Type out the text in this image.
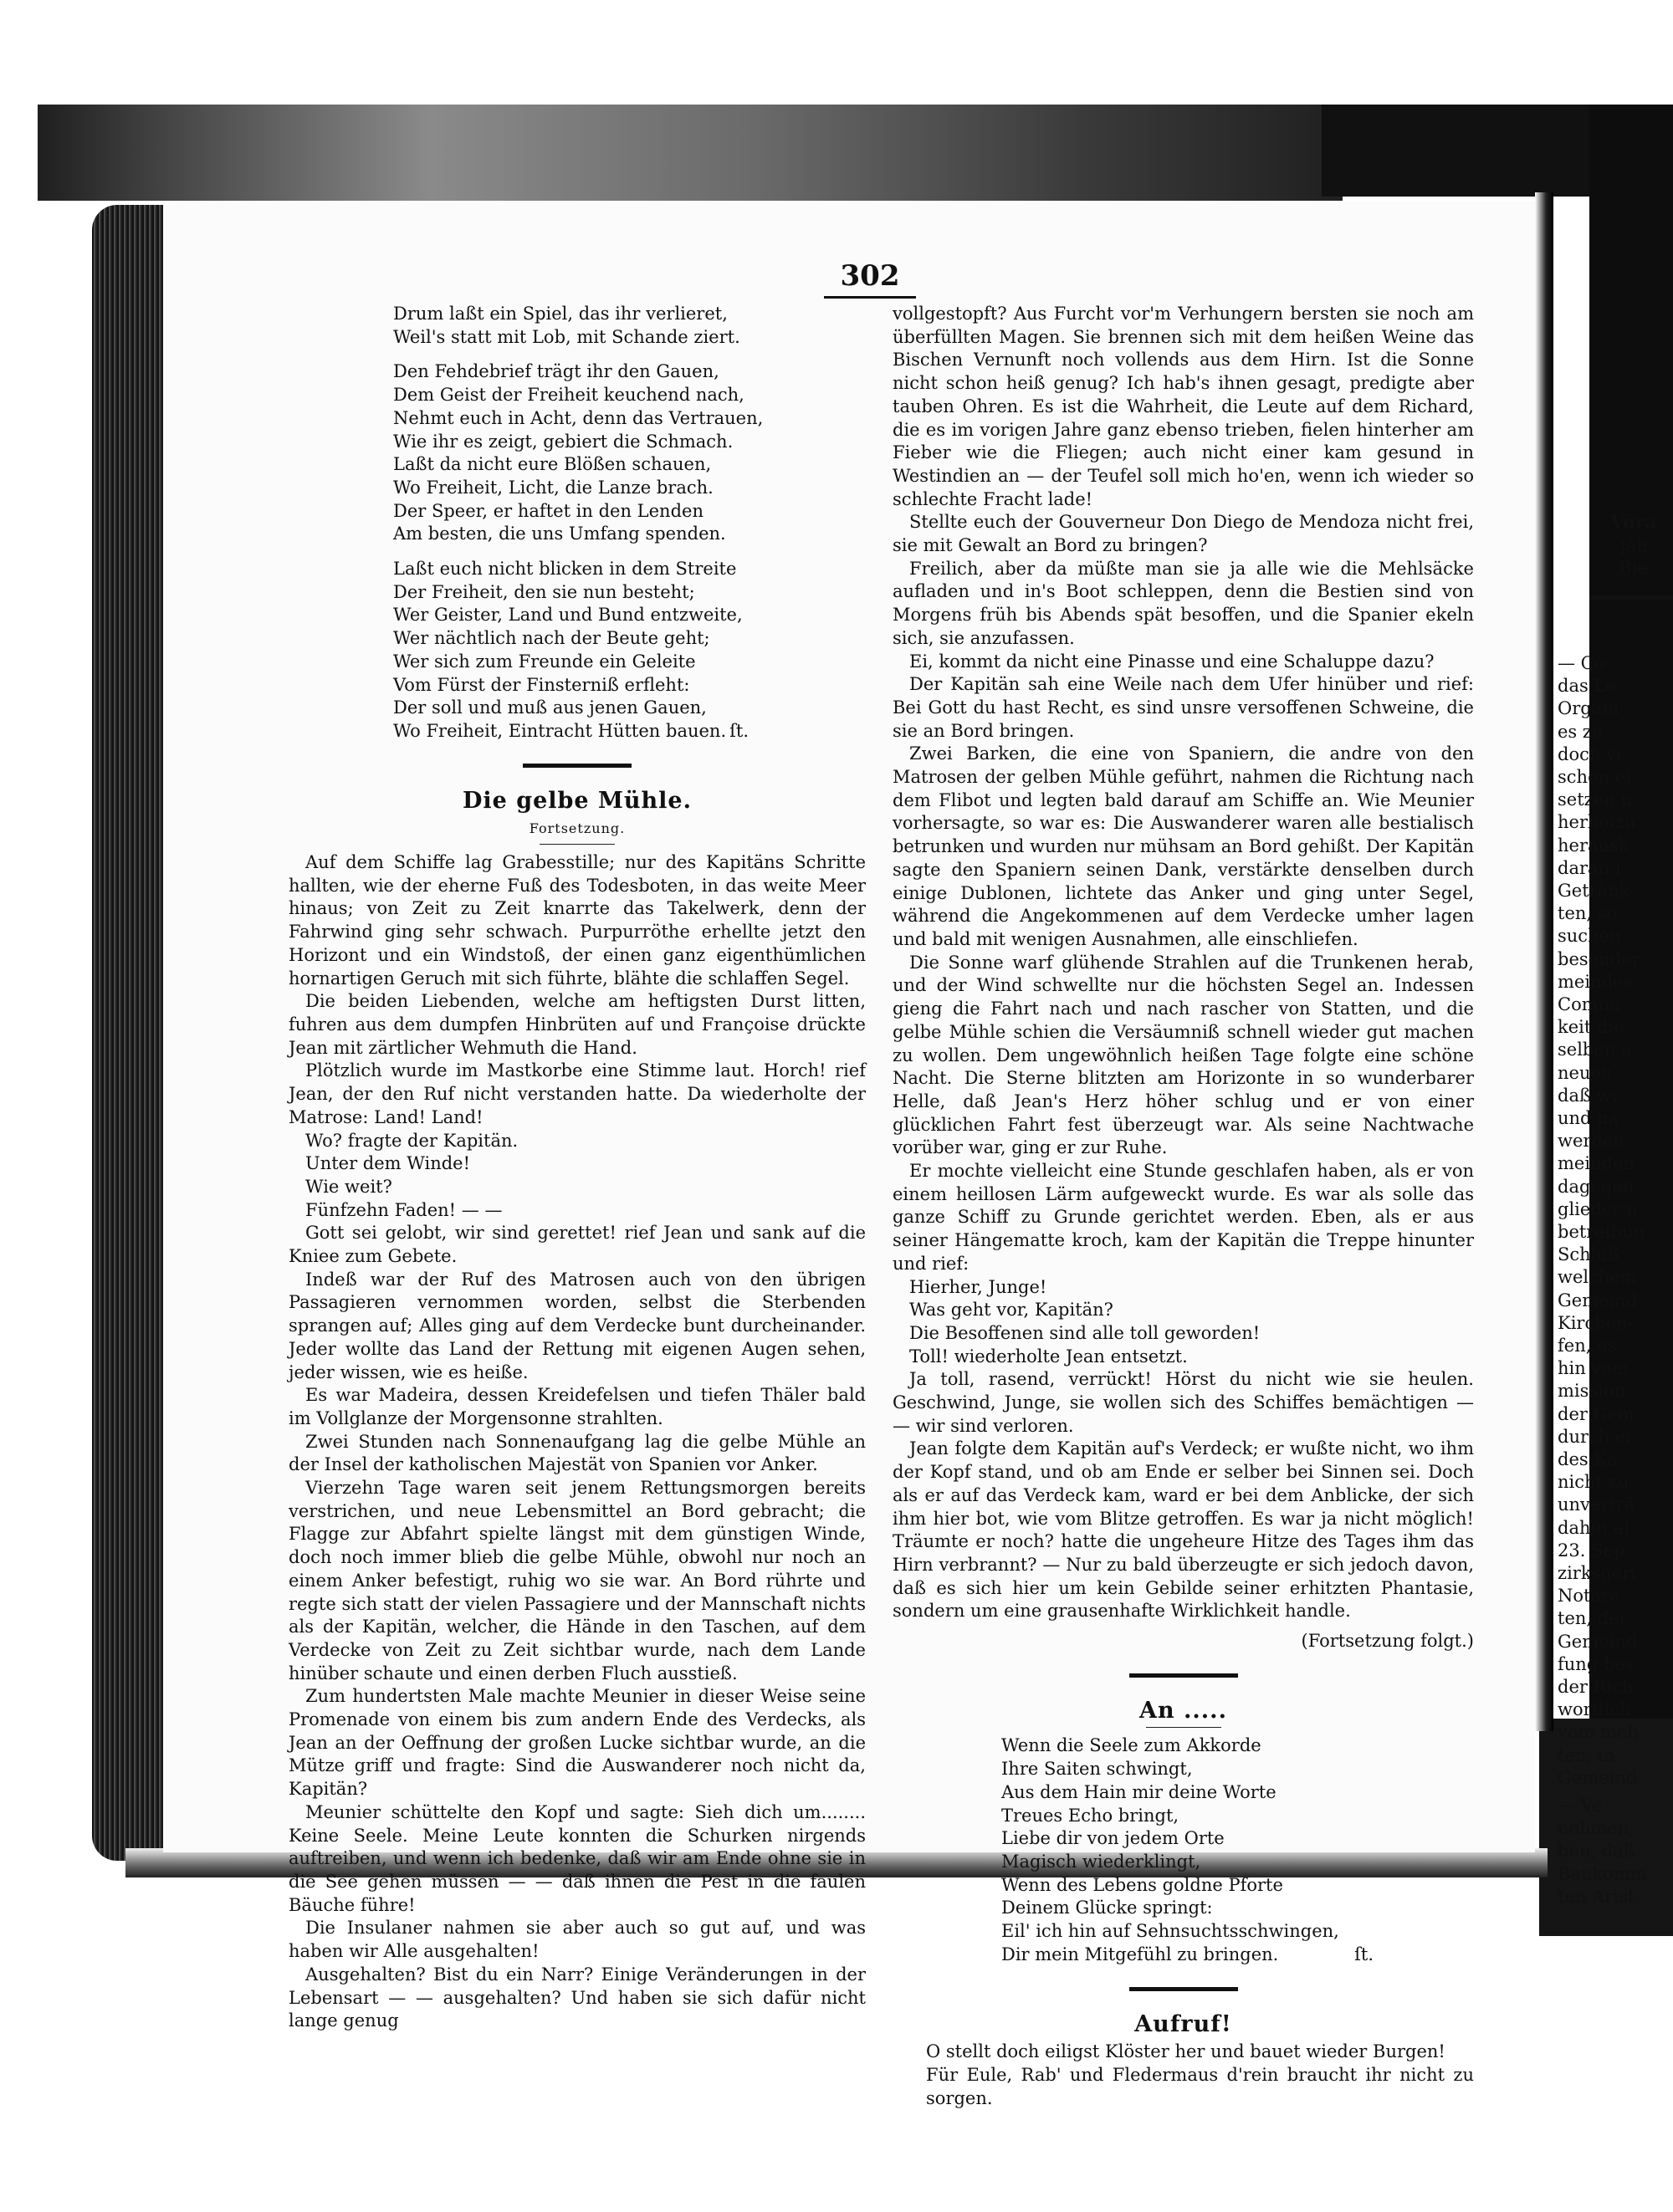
302
Drum laßt ein Spiel, das ihr verlieret,
Weil's statt mit Lob, mit Schande ziert.
Den Fehdebrief trägt ihr den Gauen,
Dem Geist der Freiheit keuchend nach,
Nehmt euch in Acht, denn das Vertrauen,
Wie ihr es zeigt, gebiert die Schmach.
Laßt da nicht eure Blößen schauen,
Wo Freiheit, Licht, die Lanze brach.
Der Speer, er haftet in den Lenden
Am besten, die uns Umfang spenden.
Laßt euch nicht blicken in dem Streite
Der Freiheit, den sie nun besteht;
Wer Geister, Land und Bund entzweite,
Wer nächtlich nach der Beute geht;
Wer sich zum Freunde ein Geleite
Vom Fürst der Finsterniß erfleht:
Der soll und muß aus jenen Gauen,
Wo Freiheit, Eintracht Hütten bauen. ſt.
Die gelbe Mühle.
Fortsetzung.

Auf dem Schiffe lag Grabesstille; nur des Kapitäns Schritte hallten, wie der eherne Fuß des Todesboten, in das weite Meer hinaus; von Zeit zu Zeit knarrte das Takelwerk, denn der Fahrwind ging sehr schwach. Purpurröthe erhellte jetzt den Horizont und ein Windstoß, der einen ganz eigenthümlichen hornartigen Geruch mit sich führte, blähte die schlaffen Segel.

Die beiden Liebenden, welche am heftigsten Durst litten, fuhren aus dem dumpfen Hinbrüten auf und Françoise drückte Jean mit zärtlicher Wehmuth die Hand.

Plötzlich wurde im Mastkorbe eine Stimme laut. Horch! rief Jean, der den Ruf nicht verstanden hatte. Da wiederholte der Matrose: Land! Land!

Wo? fragte der Kapitän.

Unter dem Winde!

Wie weit?

Fünfzehn Faden! — —

Gott sei gelobt, wir sind gerettet! rief Jean und sank auf die Kniee zum Gebete.

Indeß war der Ruf des Matrosen auch von den übrigen Passagieren vernommen worden, selbst die Sterbenden sprangen auf; Alles ging auf dem Verdecke bunt durcheinander. Jeder wollte das Land der Rettung mit eigenen Augen sehen, jeder wissen, wie es heiße.

Es war Madeira, dessen Kreidefelsen und tiefen Thäler bald im Vollglanze der Morgensonne strahlten.

Zwei Stunden nach Sonnenaufgang lag die gelbe Mühle an der Insel der katholischen Majestät von Spanien vor Anker.

Vierzehn Tage waren seit jenem Rettungsmorgen bereits verstrichen, und neue Lebensmittel an Bord gebracht; die Flagge zur Abfahrt spielte längst mit dem günstigen Winde, doch noch immer blieb die gelbe Mühle, obwohl nur noch an einem Anker befestigt, ruhig wo sie war. An Bord rührte und regte sich statt der vielen Passagiere und der Mannschaft nichts als der Kapitän, welcher, die Hände in den Taschen, auf dem Verdecke von Zeit zu Zeit sichtbar wurde, nach dem Lande hinüber schaute und einen derben Fluch ausstieß.

Zum hundertsten Male machte Meunier in dieser Weise seine Promenade von einem bis zum andern Ende des Verdecks, als Jean an der Oeffnung der großen Lucke sichtbar wurde, an die Mütze griff und fragte: Sind die Auswanderer noch nicht da, Kapitän?

Meunier schüttelte den Kopf und sagte: Sieh dich um........ Keine Seele. Meine Leute konnten die Schurken nirgends auftreiben, und wenn ich bedenke, daß wir am Ende ohne sie in die See gehen müssen — — daß ihnen die Pest in die faulen Bäuche führe!

Die Insulaner nahmen sie aber auch so gut auf, und was haben wir Alle ausgehalten!

Ausgehalten? Bist du ein Narr? Einige Veränderungen in der Lebensart — — ausgehalten? Und haben sie sich dafür nicht lange genug

vollgestopft? Aus Furcht vor'm Verhungern bersten sie noch am überfüllten Magen. Sie brennen sich mit dem heißen Weine das Bischen Vernunft noch vollends aus dem Hirn. Ist die Sonne nicht schon heiß genug? Ich hab's ihnen gesagt, predigte aber tauben Ohren. Es ist die Wahrheit, die Leute auf dem Richard, die es im vorigen Jahre ganz ebenso trieben, fielen hinterher am Fieber wie die Fliegen; auch nicht einer kam gesund in Westindien an — der Teufel soll mich ho'en, wenn ich wieder so schlechte Fracht lade!

Stellte euch der Gouverneur Don Diego de Mendoza nicht frei, sie mit Gewalt an Bord zu bringen?

Freilich, aber da müßte man sie ja alle wie die Mehlsäcke aufladen und in's Boot schleppen, denn die Bestien sind von Morgens früh bis Abends spät besoffen, und die Spanier ekeln sich, sie anzufassen.

Ei, kommt da nicht eine Pinasse und eine Schaluppe dazu?

Der Kapitän sah eine Weile nach dem Ufer hinüber und rief: Bei Gott du hast Recht, es sind unsre versoffenen Schweine, die sie an Bord bringen.

Zwei Barken, die eine von Spaniern, die andre von den Matrosen der gelben Mühle geführt, nahmen die Richtung nach dem Flibot und legten bald darauf am Schiffe an. Wie Meunier vorhersagte, so war es: Die Auswanderer waren alle bestialisch betrunken und wurden nur mühsam an Bord gehißt. Der Kapitän sagte den Spaniern seinen Dank, verstärkte denselben durch einige Dublonen, lichtete das Anker und ging unter Segel, während die Angekommenen auf dem Verdecke umher lagen und bald mit wenigen Ausnahmen, alle einschliefen.

Die Sonne warf glühende Strahlen auf die Trunkenen herab, und der Wind schwellte nur die höchsten Segel an. Indessen gieng die Fahrt nach und nach rascher von Statten, und die gelbe Mühle schien die Versäumniß schnell wieder gut machen zu wollen. Dem ungewöhnlich heißen Tage folgte eine schöne Nacht. Die Sterne blitzten am Horizonte in so wunderbarer Helle, daß Jean's Herz höher schlug und er von einer glücklichen Fahrt fest überzeugt war. Als seine Nachtwache vorüber war, ging er zur Ruhe.

Er mochte vielleicht eine Stunde geschlafen haben, als er von einem heillosen Lärm aufgeweckt wurde. Es war als solle das ganze Schiff zu Grunde gerichtet werden. Eben, als er aus seiner Hängematte kroch, kam der Kapitän die Treppe hinunter und rief:

Hierher, Junge!

Was geht vor, Kapitän?

Die Besoffenen sind alle toll geworden!

Toll! wiederholte Jean entsetzt.

Ja toll, rasend, verrückt! Hörst du nicht wie sie heulen. Geschwind, Junge, sie wollen sich des Schiffes bemächtigen — — wir sind verloren.

Jean folgte dem Kapitän auf's Verdeck; er wußte nicht, wo ihm der Kopf stand, und ob am Ende er selber bei Sinnen sei. Doch als er auf das Verdeck kam, ward er bei dem Anblicke, der sich ihm hier bot, wie vom Blitze getroffen. Es war ja nicht möglich! Träumte er noch? hatte die ungeheure Hitze des Tages ihm das Hirn verbrannt? — Nur zu bald überzeugte er sich jedoch davon, daß es sich hier um kein Gebilde seiner erhitzten Phantasie, sondern um eine grausenhafte Wirklichkeit handle.

(Fortsetzung folgt.)
An .....
Wenn die Seele zum Akkorde
Ihre Saiten schwingt,
Aus dem Hain mir deine Worte
Treues Echo bringt,
Liebe dir von jedem Orte
Magisch wiederklingt,
Wenn des Lebens goldne Pforte
Deinem Glücke springt:
Eil' ich hin auf Sehnsuchtsschwingen,
Dir mein Mitgefühl zu bringen.	ſt.
Aufruf!

O stellt doch eiligst Klöster her und bauet wieder Burgen!

Für Eule, Rab' und Fledermaus d'rein braucht ihr nicht zu sorgen.

Vora
Jäh
Bie
— Co
das Le
Organi
es zu
doch vi
schon ei
setzen n
herbeizu
herausk
daran i
Getränk
ten, so
suchen
besonder
meindes
Commi
keit die
selben a
neuen
daß wi
und na
werden
meinden
dagegen
glieder n
betreibun
Schluß
welchem
Gemeind
Kirchen-
fen, es
hin vom
mission
der Gem
durch ei
des Ka
nicht zu
unverträ
dahin al
23. Sep
zirksgeri
Notare
ten, der
Gemeind
fung bes
der Rich
wortlich
vom meh
ten, in
Gemeind
— Ve
nehmen,
ben, daß
Baukomm
ten Arist
